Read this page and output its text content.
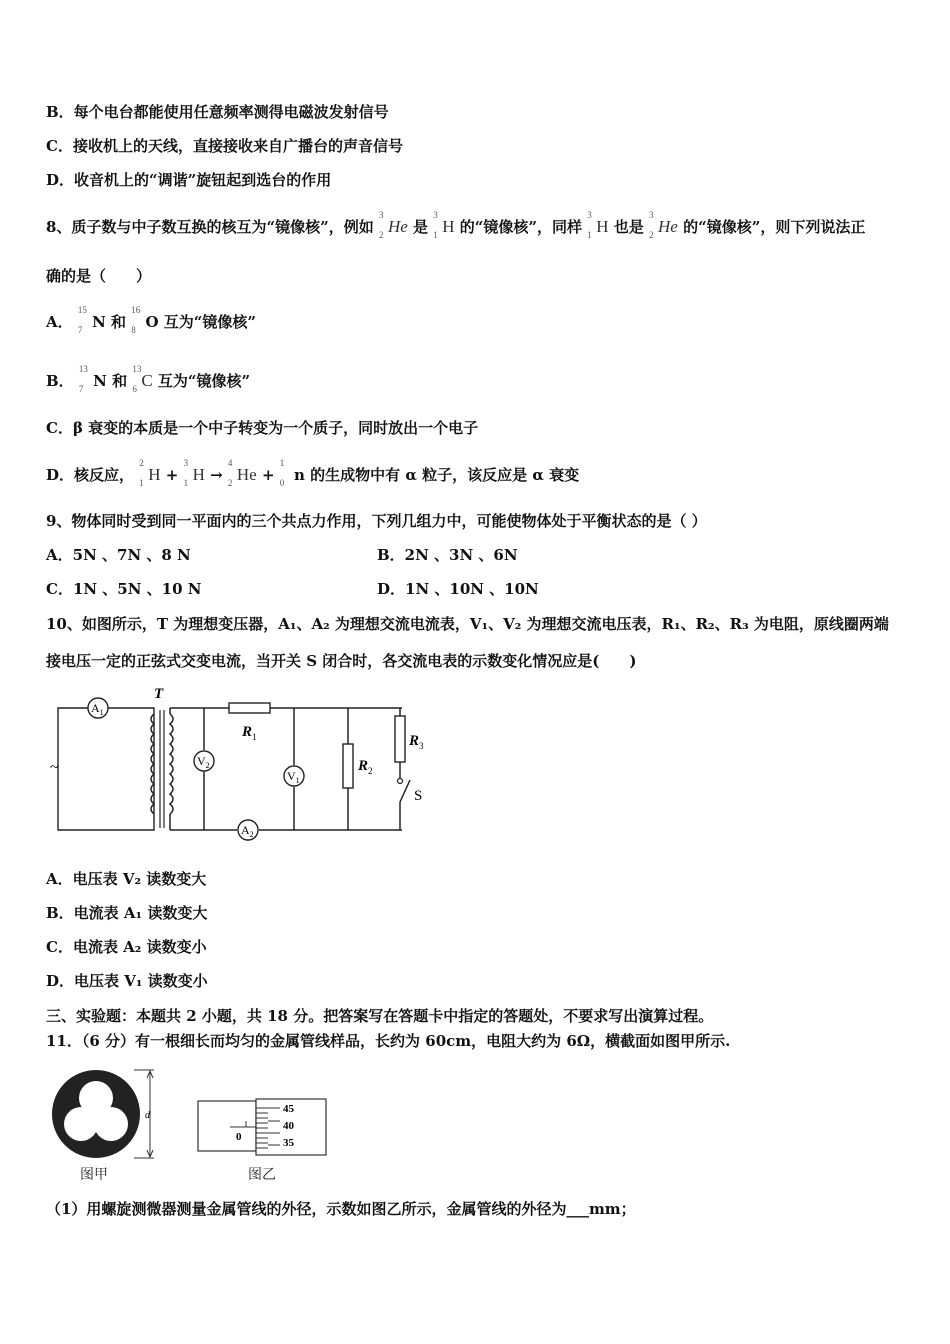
B．每个电台都能使用任意频率测得电磁波发射信号
C．接收机上的天线，直接接收来自广播台的声音信号
D．收音机上的“调谐”旋钮起到选台的作用
8、质子数与中子数互换的核互为“镜像核”，例如
3
2 He 是
3
1 H 的“镜像核”，同样
3
1 H 也是
3
2 He 的“镜像核”，则下列说法正
确的是（　　）
A．
15
7 N 和
16
8 O 互为“镜像核”
B．
13
7 N 和
13
6 C 互为“镜像核”
C．β 衰变的本质是一个中子转变为一个质子，同时放出一个电子
D．核反应，
2
1 H +
3
1 H →
4
2 He +
1
0 n 的生成物中有 α 粒子，该反应是 α 衰变
9、物体同时受到同一平面内的三个共点力作用，下列几组力中，可能使物体处于平衡状态的是（ ）
A．5N 、7N 、8 N	B．2N 、3N 、6N
C．1N 、5N 、10 N	D．1N 、10N 、10N
10、如图所示，T 为理想变压器，A₁、A₂ 为理想交流电流表，V₁、V₂ 为理想交流电压表，R₁、R₂、R₃ 为电阻，原线圈两端
接电压一定的正弦式交变电流，当开关 S 闭合时，各交流电表的示数变化情况应是(　　)
$A_1$
$V_2$
$V_1$
$A_2$
T
$R_1$
$R_2$
$R_3$
S
~
A．电压表 V₂ 读数变大
B．电流表 A₁ 读数变大
C．电流表 A₂ 读数变小
D．电压表 V₁ 读数变小
三、实验题：本题共 2 小题，共 18 分。把答案写在答题卡中指定的答题处，不要求写出演算过程。
11．（6 分）有一根细长而均匀的金属管线样品，长约为 60cm，电阻大约为 6Ω，横截面如图甲所示.
d
图甲
45
40
35
0
图乙
（1）用螺旋测微器测量金属管线的外径，示数如图乙所示，金属管线的外径为___mm；
